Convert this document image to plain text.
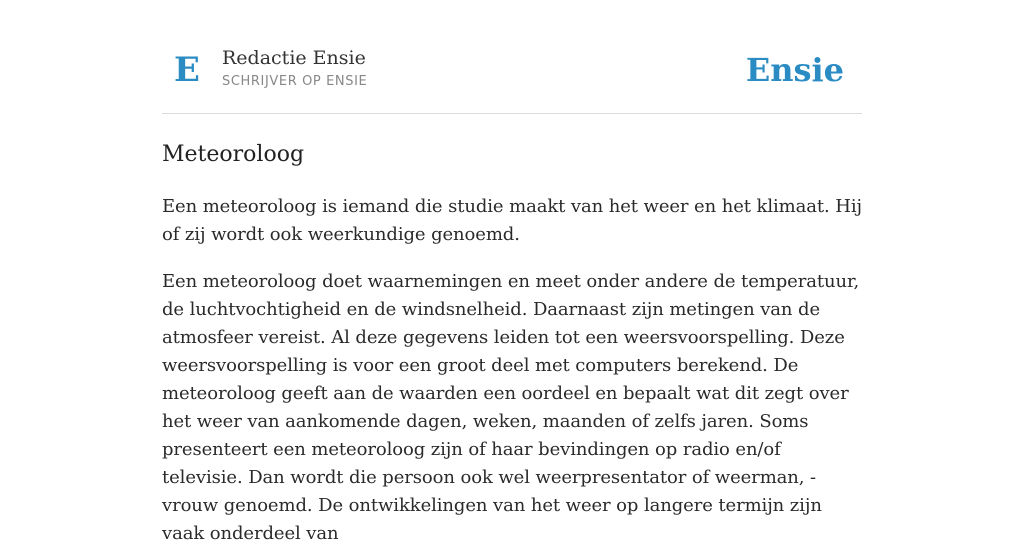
E Redactie Ensie
SCHRIJVER OP ENSIE	Ensie
Meteoroloog

Een meteoroloog is iemand die studie maakt van het weer en het klimaat. Hij of zij wordt ook weerkundige genoemd.

Een meteoroloog doet waarnemingen en meet onder andere de temperatuur, de luchtvochtigheid en de windsnelheid. Daarnaast zijn metingen van de atmosfeer vereist. Al deze gegevens leiden tot een weersvoorspelling. Deze weersvoorspelling is voor een groot deel met computers berekend. De meteoroloog geeft aan de waarden een oordeel en bepaalt wat dit zegt over het weer van aankomende dagen, weken, maanden of zelfs jaren. Soms presenteert een meteoroloog zijn of haar bevindingen op radio en/of televisie. Dan wordt die persoon ook wel weerpresentator of weerman, -vrouw genoemd. De ontwikkelingen van het weer op langere termijn zijn vaak onderdeel van
